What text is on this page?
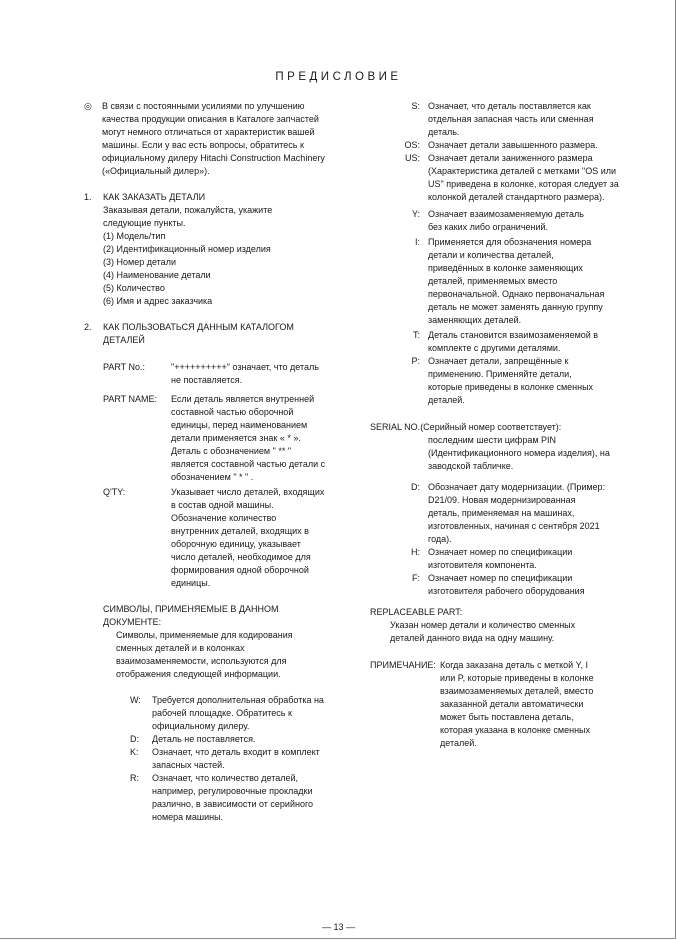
ПРЕДИСЛОВИЕ
◎	В связи с постоянными усилиями по улучшению качества продукции описания в Каталоге запчастей могут немного отличаться от характеристик вашей машины. Если у вас есть вопросы, обратитесь к официальному дилеру Hitachi Construction Machinery («Официальный дилер»).
1.	КАК ЗАКАЗАТЬ ДЕТАЛИ
Заказывая детали, пожалуйста, укажите следующие пункты.
(1) Модель/тип
(2) Идентификационный номер изделия
(3) Номер детали
(4) Наименование детали
(5) Количество
(6) Имя и адрес заказчика
2.	КАК ПОЛЬЗОВАТЬСЯ ДАННЫМ КАТАЛОГОМ ДЕТАЛЕЙ
PART No.:	"++++++++++" означает, что деталь не поставляется.
PART NAME:	Если деталь является внутренней составной частью оборочной единицы, перед наименованием детали применяется знак « * ». Деталь с обозначением " ** " является составной частью детали с обозначением " * " .
Q'TY:	Указывает число деталей, входящих в состав одной машины. Обозначение количество внутренних деталей, входящих в оборочную единицу, указывает число деталей, необходимое для формирования одной оборочной единицы.
СИМВОЛЫ, ПРИМЕНЯЕМЫЕ В ДАННОМ ДОКУМЕНТЕ:
Символы, применяемые для кодирования сменных деталей и в колонках взаимозаменяемости, используются для отображения следующей информации.
W:	Требуется дополнительная обработка на рабочей площадке. Обратитесь к официальному дилеру.
D:	Деталь не поставляется.
K:	Означает, что деталь входит в комплект запасных частей.
R:	Означает, что количество деталей, например, регулировочные прокладки различно, в зависимости от серийного номера машины.
S: Означает, что деталь поставляется как отдельная запасная часть или сменная деталь.
OS: Означает детали завышенного размера.
US: Означает детали заниженного размера (Характеристика деталей с метками "OS или US" приведена в колонке, которая следует за колонкой деталей стандартного размера).
Y: Означает взаимозаменяемую деталь без каких либо ограничений.
I: Применяется для обозначения номера детали и количества деталей, приведённых в колонке заменяющих деталей, применяемых вместо первоначальной. Однако первоначальная деталь не может заменять данную группу заменяющих деталей.
T: Деталь становится взаимозаменяемой в комплекте с другими деталями.
P: Означает детали, запрещённые к применению. Применяйте детали, которые приведены в колонке сменных деталей.
SERIAL NO.(Серийный номер соответствует):
последним шести цифрам PIN (Идентификационного номера изделия), на заводской табличке.
D: Обозначает дату модернизации. (Пример: D21/09. Новая модернизированная деталь, применяемая на машинах, изготовленных, начиная с сентября 2021 года).
H: Означает номер по спецификации изготовителя компонента.
F: Означает номер по спецификации изготовителя рабочего оборудования
REPLACEABLE PART:
Указан номер детали и количество сменных деталей данного вида на одну машину.
ПРИМЕЧАНИЕ: Когда заказана деталь с меткой Y, I или P, которые приведены в колонке взаимозаменяемых деталей, вместо заказанной детали автоматически может быть поставлена деталь, которая указана в колонке сменных деталей.
— 13 —
